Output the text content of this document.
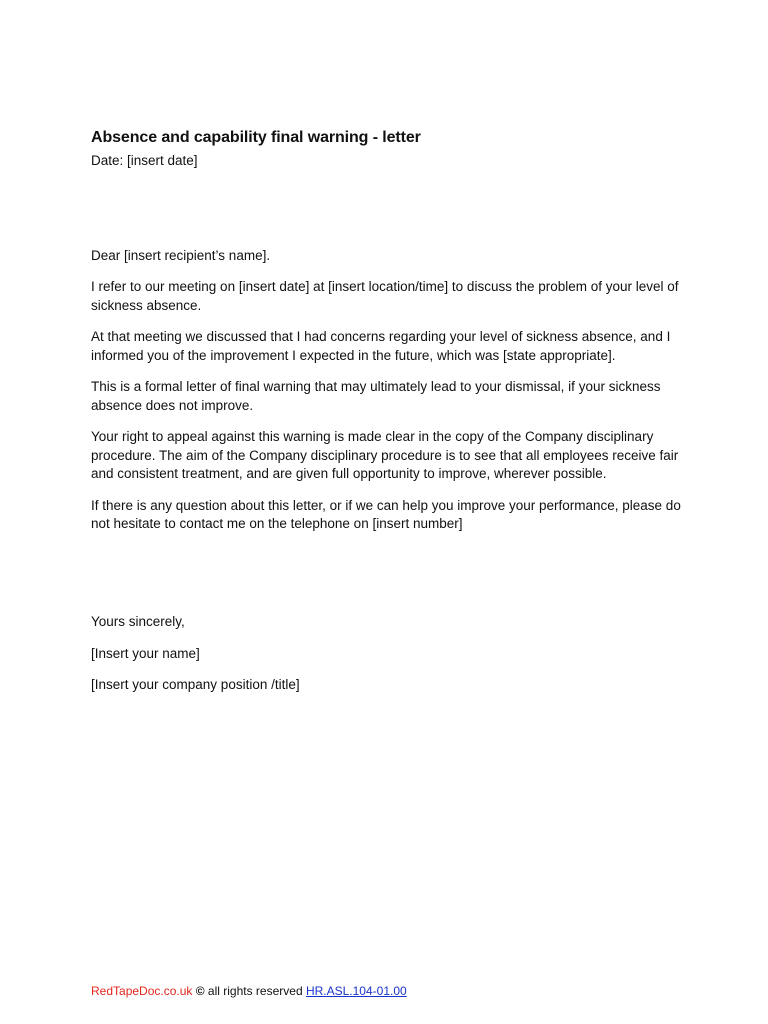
Absence and capability final warning - letter
Date: [insert date]

Dear [insert recipient’s name].

I refer to our meeting on [insert date] at [insert location/time] to discuss the problem of your level of sickness absence.

At that meeting we discussed that I had concerns regarding your level of sickness absence, and I informed you of the improvement I expected in the future, which was [state appropriate].

This is a formal letter of final warning that may ultimately lead to your dismissal, if your sickness absence does not improve.

Your right to appeal against this warning is made clear in the copy of the Company disciplinary procedure. The aim of the Company disciplinary procedure is to see that all employees receive fair and consistent treatment, and are given full opportunity to improve, wherever possible.

If there is any question about this letter, or if we can help you improve your performance, please do not hesitate to contact me on the telephone on [insert number]

Yours sincerely,

[Insert your name]

[Insert your company position /title]

RedTapeDoc.co.uk © all rights reserved HR.ASL.104-01.00
